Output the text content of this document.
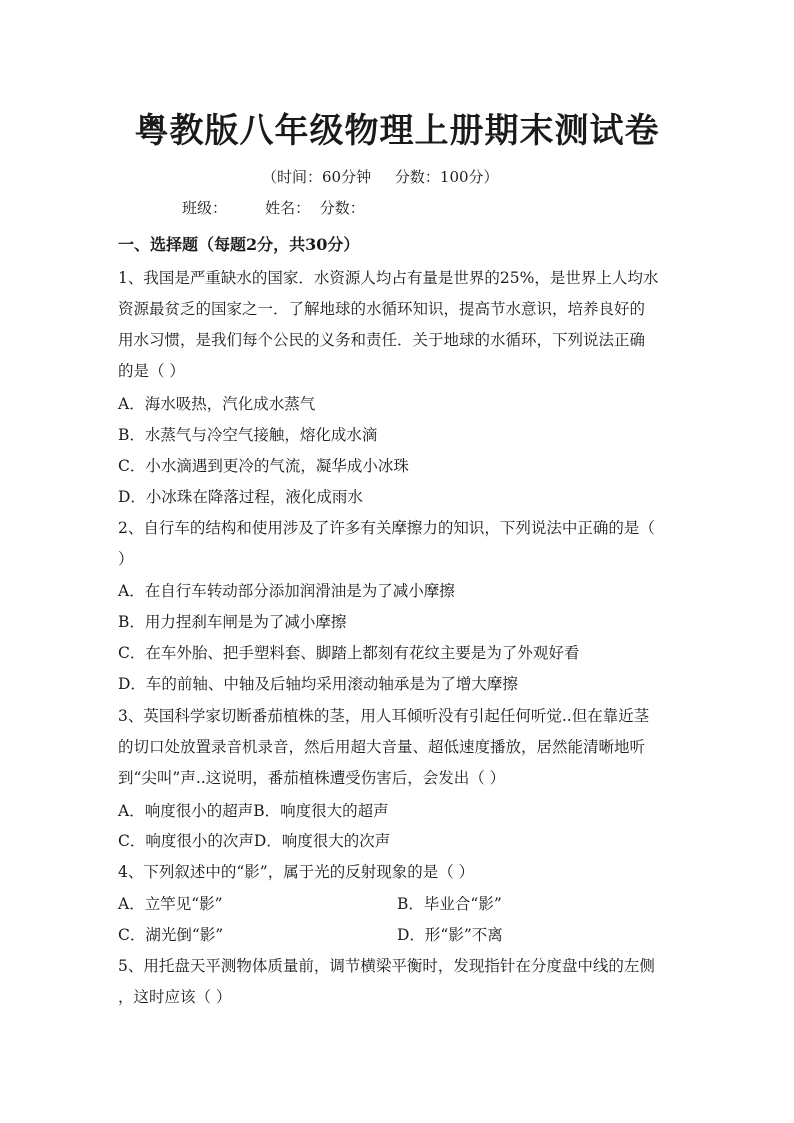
粤教版八年级物理上册期末测试卷
（时间：60分钟     分数：100分）
班级：	姓名： 分数：
一、选择题（每题2分，共30分）
1、我国是严重缺水的国家．水资源人均占有量是世界的25%，是世界上人均水
资源最贫乏的国家之一．了解地球的水循环知识，提高节水意识，培养良好的
用水习惯，是我们每个公民的义务和责任．关于地球的水循环，下列说法正确
的是（ ）
A．海水吸热，汽化成水蒸气
B．水蒸气与冷空气接触，熔化成水滴
C．小水滴遇到更冷的气流，凝华成小冰珠
D．小冰珠在降落过程，液化成雨水
2、自行车的结构和使用涉及了许多有关摩擦力的知识，下列说法中正确的是（
）
A．在自行车转动部分添加润滑油是为了减小摩擦
B．用力捏刹车闸是为了减小摩擦
C．在车外胎、把手塑料套、脚踏上都刻有花纹主要是为了外观好看
D．车的前轴、中轴及后轴均采用滚动轴承是为了增大摩擦
3、英国科学家切断番茄植株的茎，用人耳倾听没有引起任何听觉..但在靠近茎
的切口处放置录音机录音，然后用超大音量、超低速度播放，居然能清晰地听
到“尖叫”声..这说明，番茄植株遭受伤害后，会发出（ ）
A．响度很小的超声B．响度很大的超声
C．响度很小的次声D．响度很大的次声
4、下列叙述中的“影”，属于光的反射现象的是（ ）
A．立竿见“影”	B．毕业合“影”
C．湖光倒“影”	D．形“影”不离
5、用托盘天平测物体质量前，调节横梁平衡时，发现指针在分度盘中线的左侧
，这时应该（ ）
